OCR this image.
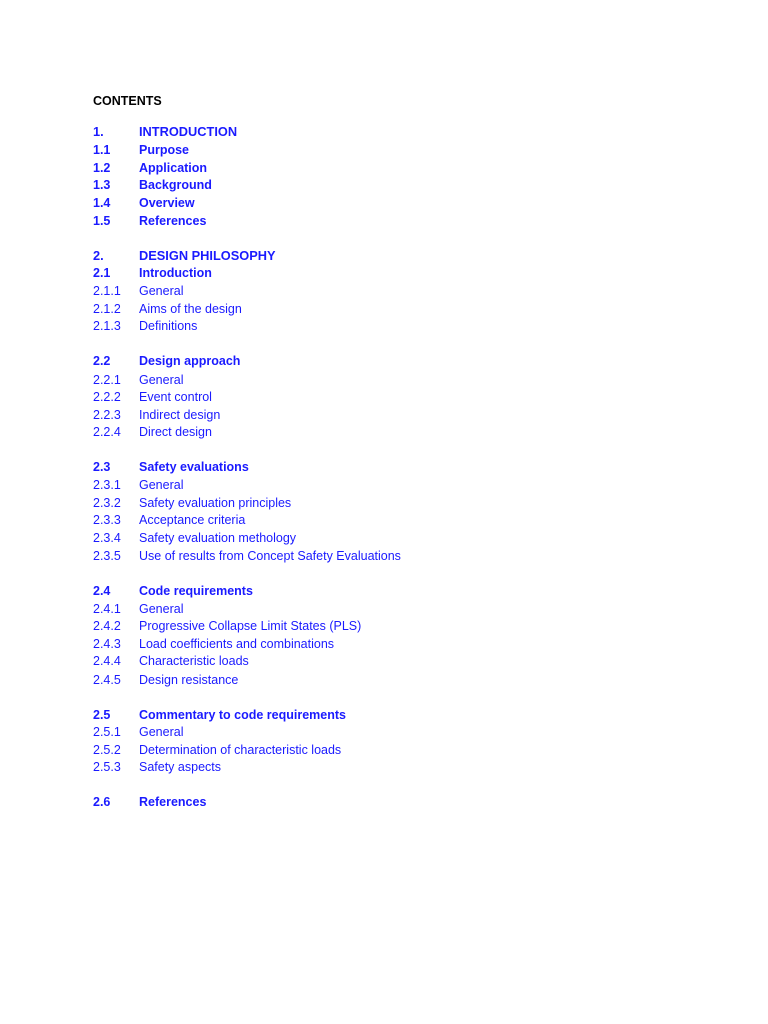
CONTENTS
1.	INTRODUCTION
1.1 Purpose
1.2 Application
1.3 Background
1.4 Overview
1.5 References
2.	DESIGN PHILOSOPHY
2.1 Introduction
2.1.1 General
2.1.2 Aims of the design
2.1.3 Definitions
2.2 Design approach
2.2.1 General
2.2.2 Event control
2.2.3 Indirect design
2.2.4 Direct design
2.3 Safety evaluations
2.3.1 General
2.3.2 Safety evaluation principles
2.3.3 Acceptance criteria
2.3.4 Safety evaluation methology
2.3.5 Use of results from Concept Safety Evaluations
2.4 Code requirements
2.4.1 General
2.4.2 Progressive Collapse Limit States (PLS)
2.4.3 Load coefficients and combinations
2.4.4 Characteristic loads
2.4.5 Design resistance
2.5 Commentary to code requirements
2.5.1 General
2.5.2 Determination of characteristic loads
2.5.3 Safety aspects
2.6 References
